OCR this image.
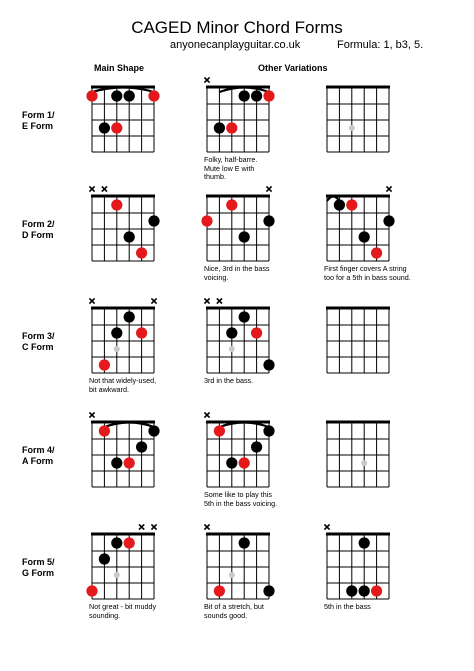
CAGED Minor Chord Forms
anyonecanplayguitar.co.uk	Formula: 1, b3, 5.
Main Shape	Other Variations
Form 1/
E Form
Folky, half-barre.
Mute low E with
thumb.
Form 2/
D Form
Nice, 3rd in the bass
voicing.
First finger covers A string
too for a 5th in bass sound.
Form 3/
C Form
Not that widely-used,
bit awkward.
3rd in the bass.
Form 4/
A Form
Some like to play this
5th in the bass voicing.
Form 5/
G Form
Not great - bit muddy
sounding.
Bit of a stretch, but
sounds good.
5th in the bass
